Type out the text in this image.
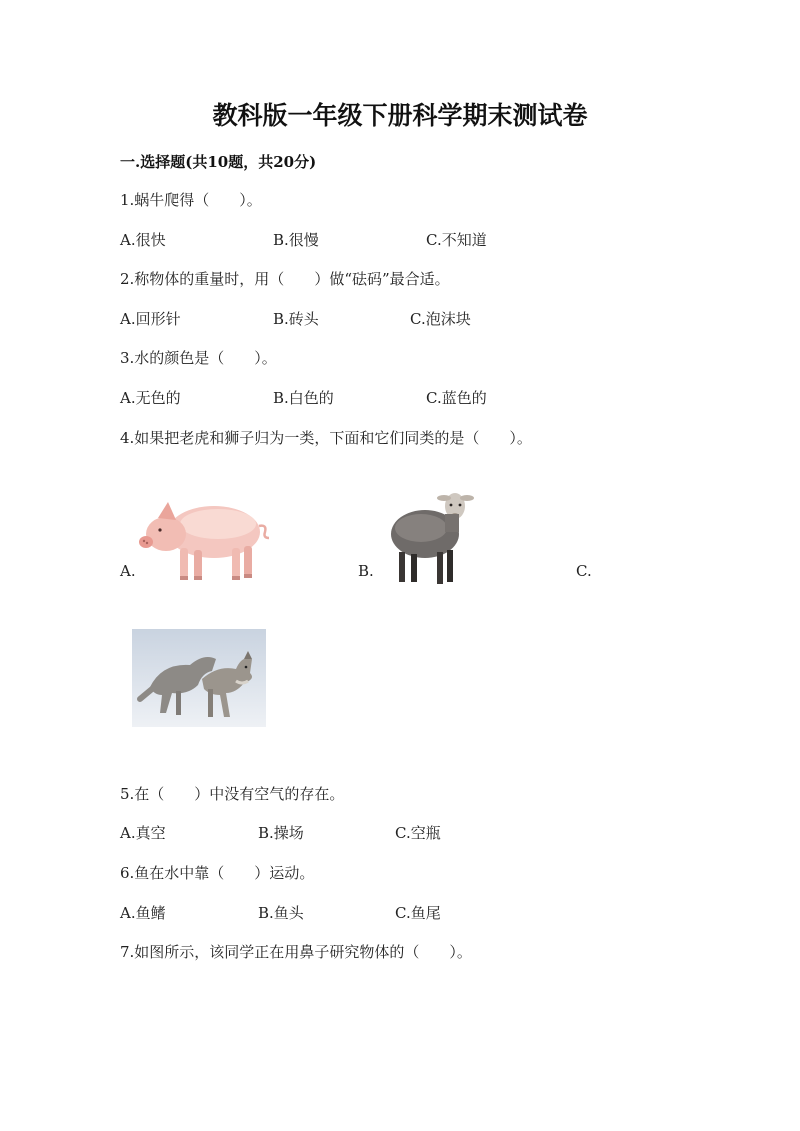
教科版一年级下册科学期末测试卷
一.选择题(共10题，共20分)
1.蜗牛爬得（　　）。
A.很快	B.很慢	C.不知道
2.称物体的重量时，用（　　）做“砝码”最合适。
A.回形针	B.砖头	C.泡沫块
3.水的颜色是（　　）。
A.无色的	B.白色的	C.蓝色的
4.如果把老虎和狮子归为一类，下面和它们同类的是（　　）。
A.	B.	C.
5.在（　　）中没有空气的存在。
A.真空	B.操场	C.空瓶
6.鱼在水中靠（　　）运动。
A.鱼鳍	B.鱼头	C.鱼尾
7.如图所示，该同学正在用鼻子研究物体的（　　）。
